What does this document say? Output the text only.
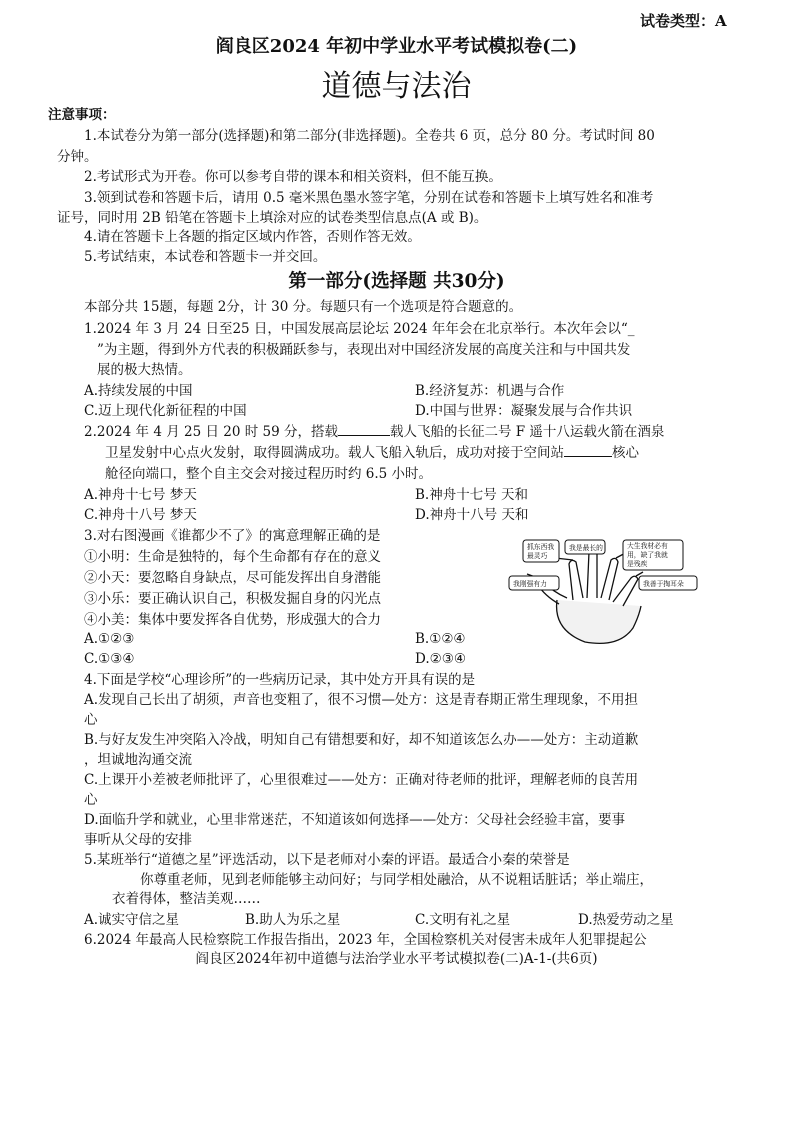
试卷类型：A
阎良区2024 年初中学业水平考试模拟卷(二)
道德与法治
注意事项：
1.本试卷分为第一部分(选择题)和第二部分(非选择题)。全卷共 6 页，总分 80 分。考试时间 80
分钟。
2.考试形式为开卷。你可以参考自带的课本和相关资料，但不能互换。
3.领到试卷和答题卡后，请用 0.5 毫米黑色墨水签字笔，分别在试卷和答题卡上填写姓名和准考
证号，同时用 2B 铅笔在答题卡上填涂对应的试卷类型信息点(A 或 B)。
4.请在答题卡上各题的指定区域内作答，否则作答无效。
5.考试结束，本试卷和答题卡一并交回。
第一部分(选择题 共30分)
本部分共 15题，每题 2分，计 30 分。每题只有一个选项是符合题意的。
1.2024 年 3 月 24 日至25 日，中国发展高层论坛 2024 年年会在北京举行。本次年会以“_
”为主题，得到外方代表的积极踊跃参与，表现出对中国经济发展的高度关注和与中国共发
展的极大热情。
A.持续发展的中国	B.经济复苏：机遇与合作
C.迈上现代化新征程的中国	D.中国与世界：凝聚发展与合作共识
2.2024 年 4 月 25 日 20 时 59 分，搭载	载人飞船的长征二号 F 遥十八运载火箭在酒泉
卫星发射中心点火发射，取得圆满成功。载人飞船入轨后，成功对接于空间站	核心
舱径向端口，整个自主交会对接过程历时约 6.5 小时。
A.神舟十七号 梦天	B.神舟十七号 天和
C.神舟十八号 梦天	D.神舟十八号 天和
3.对右图漫画《谁都少不了》的寓意理解正确的是
①小明：生命是独特的，每个生命都有存在的意义
②小天：要忽略自身缺点，尽可能发挥出自身潜能
③小乐：要正确认识自己，积极发掘自身的闪光点
④小美：集体中要发挥各自优势，形成强大的合力
A.①②③	B.①②④
C.①③④	D.②③④
抓东西我
最灵巧
我是最长的	大生我材必有
用，缺了我就
是残疾
我刚强有力	我善于掏耳朵
4.下面是学校“心理诊所”的一些病历记录，其中处方开具有误的是
A.发现自己长出了胡须，声音也变粗了，很不习惯—处方：这是青春期正常生理现象，不用担
心
B.与好友发生冲突陷入冷战，明知自己有错想要和好，却不知道该怎么办——处方：主动道歉
，坦诚地沟通交流
C.上课开小差被老师批评了，心里很难过——处方：正确对待老师的批评，理解老师的良苦用
心
D.面临升学和就业，心里非常迷茫，不知道该如何选择——处方：父母社会经验丰富，要事
事听从父母的安排
5.某班举行“道德之星”评选活动，以下是老师对小秦的评语。最适合小秦的荣誉是
你尊重老师，见到老师能够主动问好；与同学相处融洽，从不说粗话脏话；举止端庄，
衣着得体，整洁美观……
A.诚实守信之星	B.助人为乐之星	C.文明有礼之星	D.热爱劳动之星
6.2024 年最高人民检察院工作报告指出，2023 年，全国检察机关对侵害未成年人犯罪提起公
阎良区2024年初中道德与法治学业水平考试模拟卷(二)A-1-(共6页)
